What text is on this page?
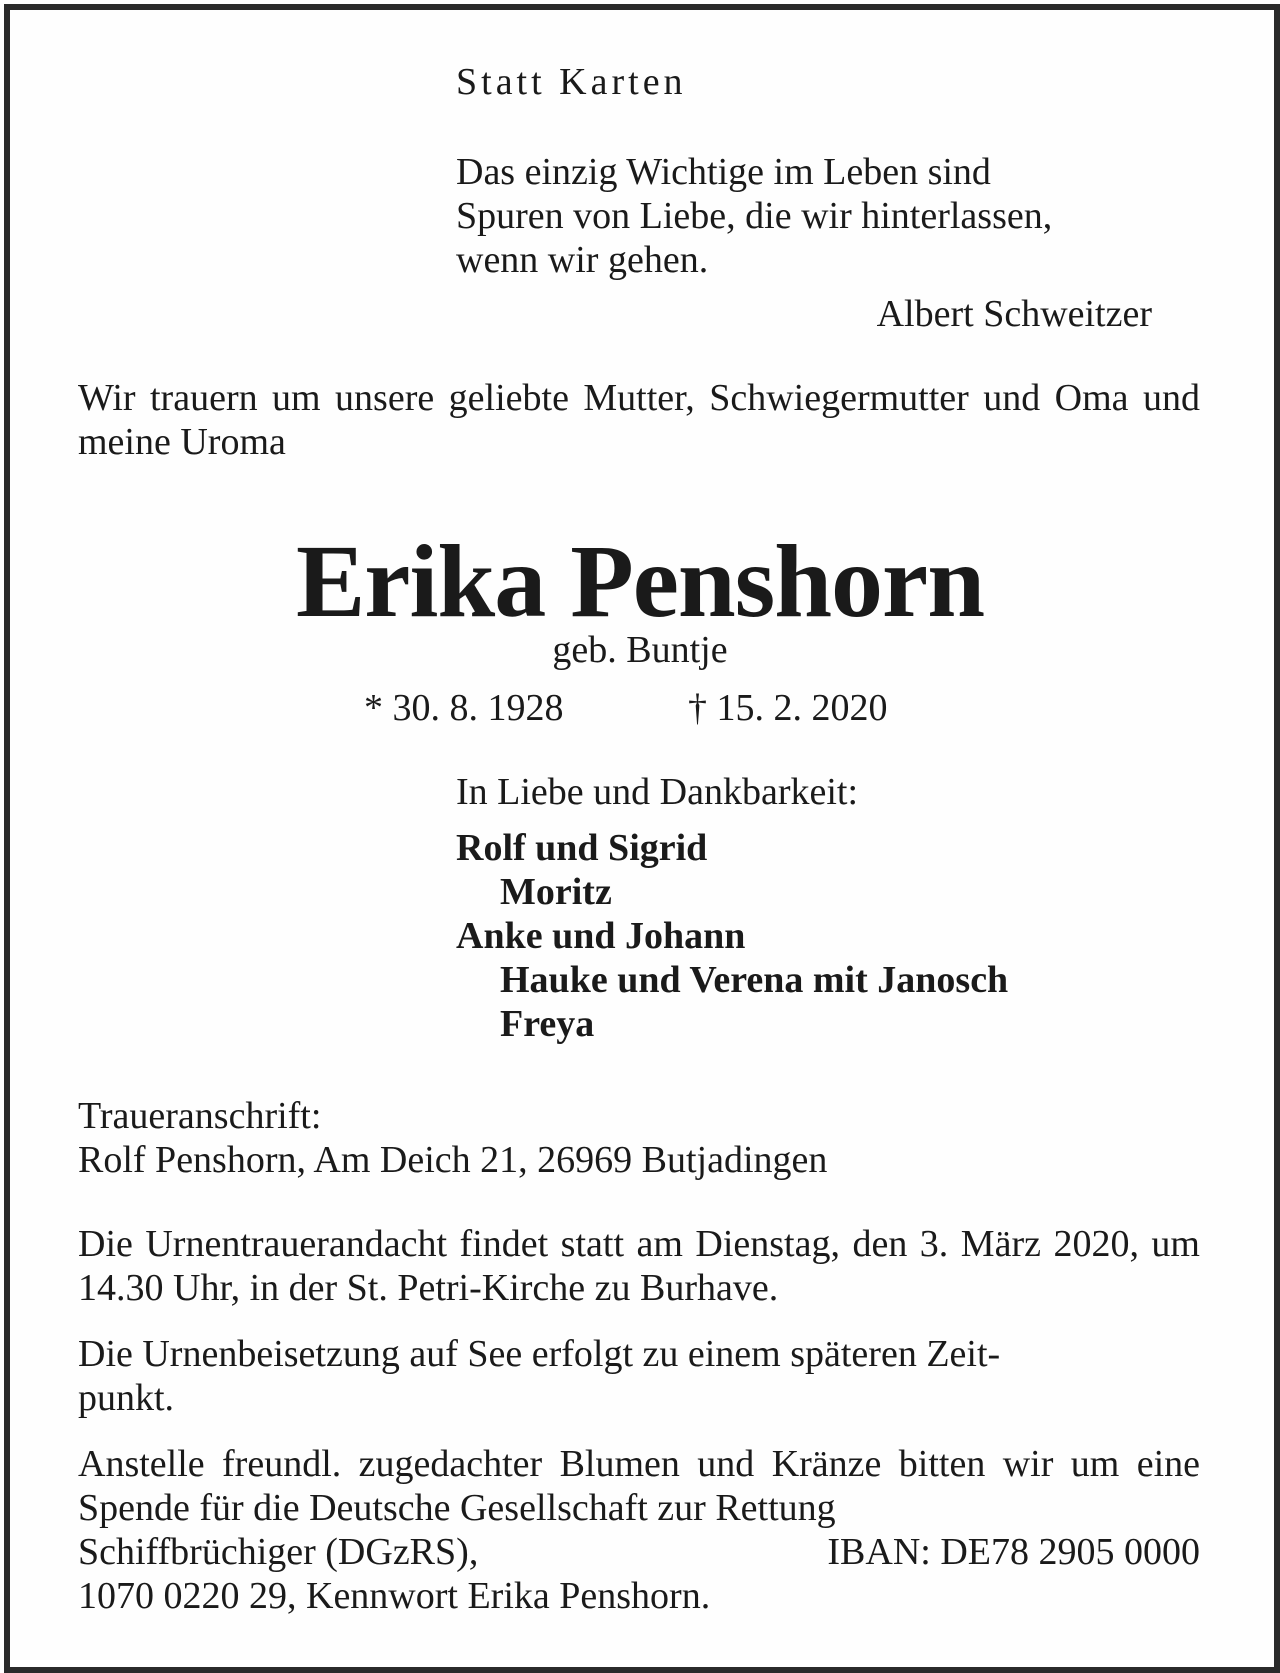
Statt Karten
Das einzig Wichtige im Leben sind
Spuren von Liebe, die wir hinterlassen,
wenn wir gehen.
Albert Schweitzer
Wir trauern um unsere geliebte Mutter, Schwiegermutter und Oma und meine Uroma
Erika Penshorn
geb. Buntje
* 30. 8. 1928	† 15. 2. 2020
In Liebe und Dankbarkeit:
Rolf und Sigrid
Moritz
Anke und Johann
Hauke und Verena mit Janosch
Freya
Traueranschrift:
Rolf Penshorn, Am Deich 21, 26969 Butjadingen
Die Urnentrauerandacht findet statt am Dienstag, den 3. März 2020, um 14.30 Uhr, in der St. Petri-Kirche zu Burhave.
Die Urnenbeisetzung auf See erfolgt zu einem späteren Zeit-
punkt.
Anstelle freundl. zugedachter Blumen und Kränze bitten wir um eine Spende für die Deutsche Gesellschaft zur Rettung
Schiffbrüchiger (DGzRS),	IBAN: DE78 2905 0000
1070 0220 29, Kennwort Erika Penshorn.
